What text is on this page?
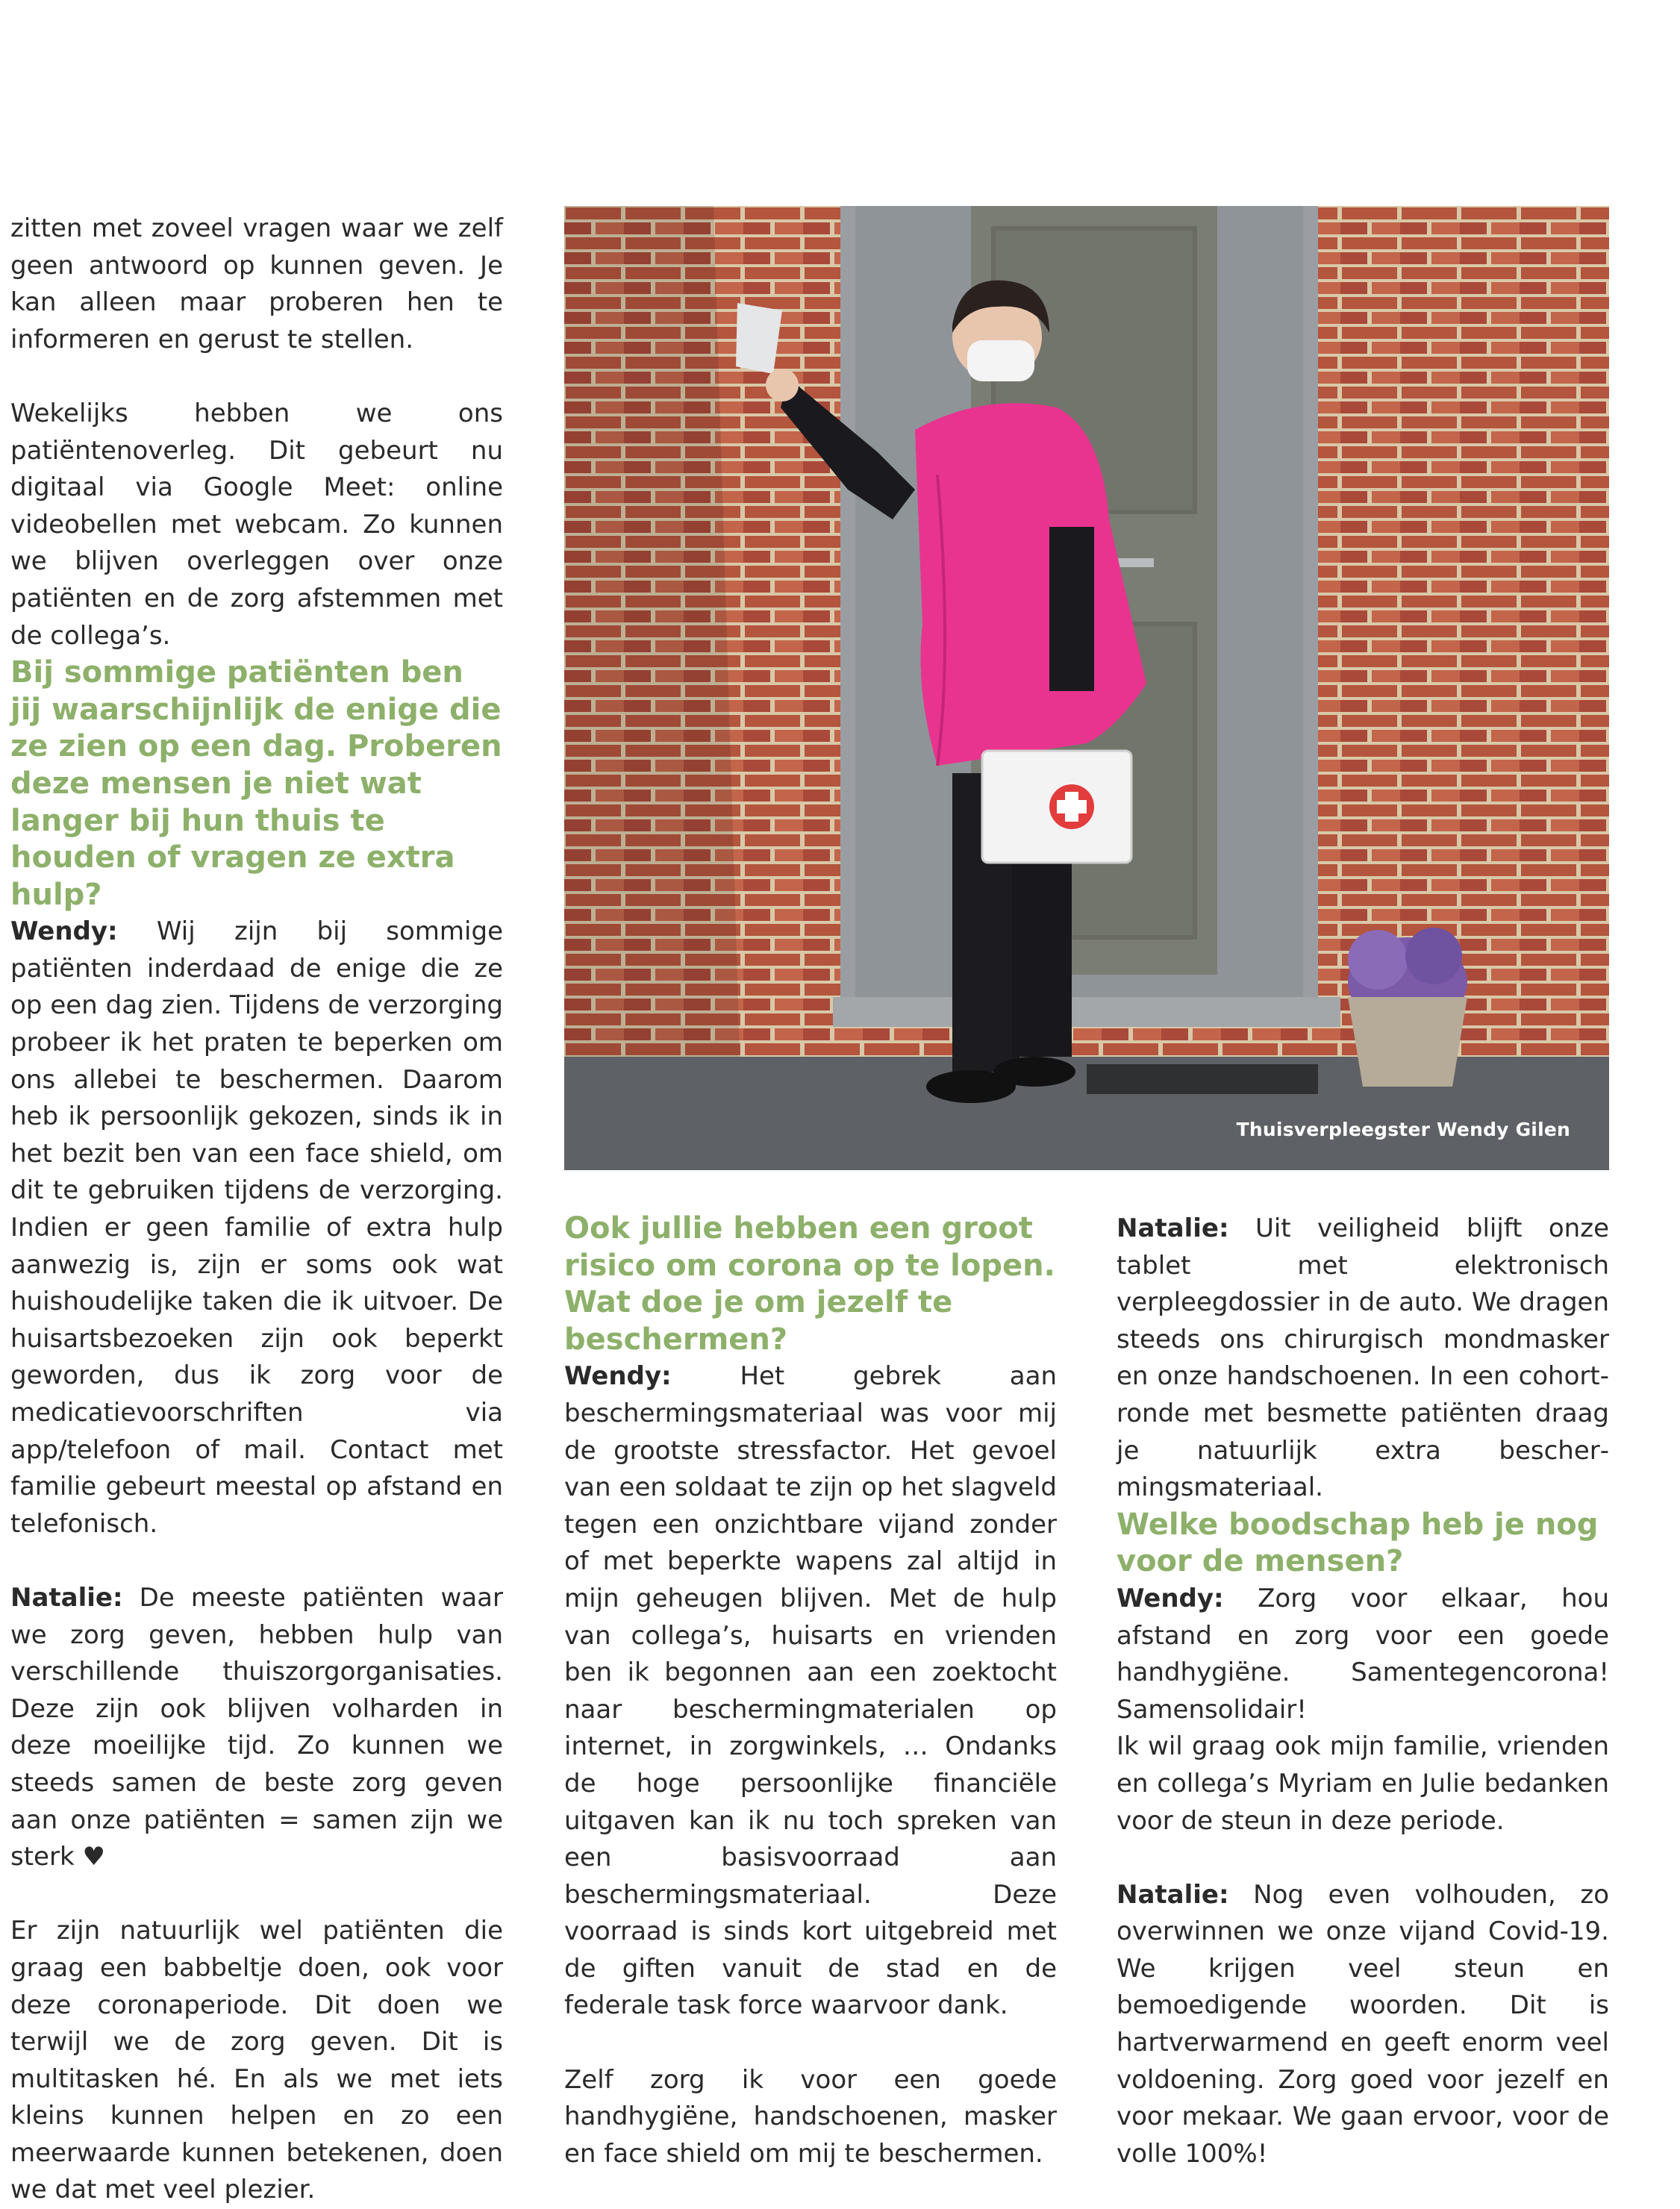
zitten met zoveel vragen waar we zelf geen antwoord op kunnen geven. Je kan alleen maar proberen hen te informeren en gerust te stellen.

Wekelijks hebben we ons patiëntenoverleg. Dit gebeurt nu digitaal via Google Meet: online videobellen met webcam. Zo kunnen we blijven overleggen over onze patiënten en de zorg afstemmen met de collega’s.

Bij sommige patiënten ben jij waarschijnlijk de enige die ze zien op een dag. Proberen deze mensen je niet wat langer bij hun thuis te houden of vragen ze extra hulp?

Wendy: Wij zijn bij sommige patiënten inderdaad de enige die ze op een dag zien. Tijdens de verzorging probeer ik het praten te beperken om ons allebei te beschermen. Daarom heb ik persoonlijk gekozen, sinds ik in het bezit ben van een face shield, om dit te gebruiken tijdens de verzorging. Indien er geen familie of extra hulp aanwezig is, zijn er soms ook wat huishoudelijke taken die ik uitvoer. De huisartsbezoeken zijn ook beperkt geworden, dus ik zorg voor de medicatievoorschriften via app/telefoon of mail. Contact met familie gebeurt meestal op afstand en telefonisch.

Natalie: De meeste patiënten waar we zorg geven, hebben hulp van verschillende thuiszorgorganisaties. Deze zijn ook blijven volharden in deze moeilijke tijd. Zo kunnen we steeds samen de beste zorg geven aan onze patiënten = samen zijn we sterk ♥

Er zijn natuurlijk wel patiënten die graag een babbeltje doen, ook voor deze coronaperiode. Dit doen we terwijl we de zorg geven. Dit is multitasken hé. En als we met iets kleins kunnen helpen en zo een meerwaarde kunnen betekenen, doen we dat met veel plezier.

Thuisverpleegster Wendy Gilen

Ook jullie hebben een groot risico om corona op te lopen. Wat doe je om jezelf te beschermen?

Wendy: Het gebrek aan beschermingsmateriaal was voor mij de grootste stressfactor. Het gevoel van een soldaat te zijn op het slagveld tegen een onzichtbare vijand zonder of met beperkte wapens zal altijd in mijn geheugen blijven. Met de hulp van collega’s, huisarts en vrienden ben ik begonnen aan een zoektocht naar beschermingmaterialen op internet, in zorgwinkels, … Ondanks de hoge persoonlijke financiële uitgaven kan ik nu toch spreken van een basisvoorraad aan beschermingsmateriaal. Deze voorraad is sinds kort uitgebreid met de giften vanuit de stad en de federale task force waarvoor dank.

Zelf zorg ik voor een goede handhygiëne, handschoenen, masker en face shield om mij te beschermen.

Natalie: Uit veiligheid blijft onze tablet met elektronisch verpleegdossier in de auto. We dragen steeds ons chirurgisch mondmasker en onze handschoenen. In een cohort-ronde met besmette patiënten draag je natuurlijk extra beschermingsmateriaal.

Welke boodschap heb je nog voor de mensen?

Wendy: Zorg voor elkaar, hou afstand en zorg voor een goede handhygiëne. Samentegencorona! Samensolidair!

Ik wil graag ook mijn familie, vrienden en collega’s Myriam en Julie bedanken voor de steun in deze periode.

Natalie: Nog even volhouden, zo overwinnen we onze vijand Covid-19. We krijgen veel steun en bemoedigende woorden. Dit is hartverwarmend en geeft enorm veel voldoening. Zorg goed voor jezelf en voor mekaar. We gaan ervoor, voor de volle 100%!
